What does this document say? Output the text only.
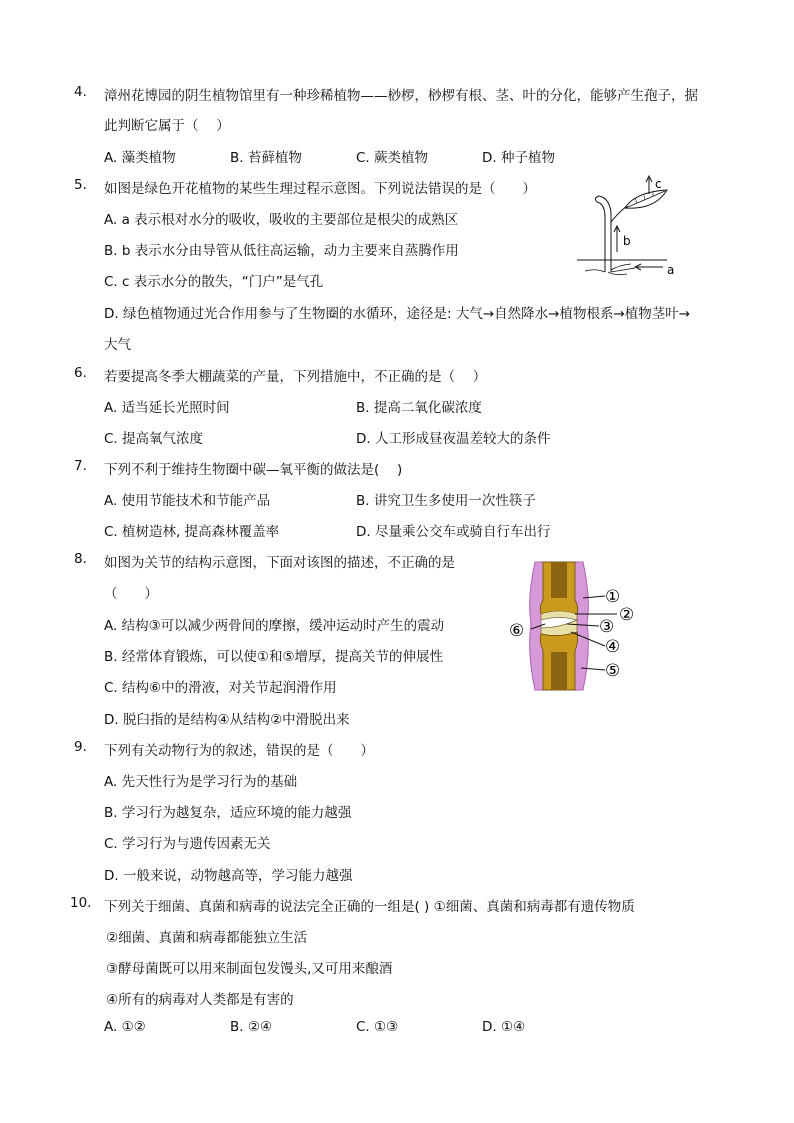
4.	漳州花博园的阴生植物馆里有一种珍稀植物——桫椤，桫椤有根、茎、叶的分化，能够产生孢子，据
此判断它属于（　 ）
A. 藻类植物	B. 苔藓植物	C. 蕨类植物	D. 种子植物
5.	如图是绿色开花植物的某些生理过程示意图。下列说法错误的是（　　）
A. a 表示根对水分的吸收，吸收的主要部位是根尖的成熟区
B. b 表示水分由导管从低往高运输，动力主要来自蒸腾作用
C. c 表示水分的散失，“门户”是气孔
D. 绿色植物通过光合作用参与了生物圈的水循环，途径是: 大气→自然降水→植物根系→植物茎叶→
大气
c
b
a
6.	若要提高冬季大棚蔬菜的产量，下列措施中，不正确的是（　 ）
A. 适当延长光照时间	B. 提高二氧化碳浓度
C. 提高氧气浓度	D. 人工形成昼夜温差较大的条件
7.	下列不利于维持生物圈中碳—氧平衡的做法是(　 )
A. 使用节能技术和节能产品	B. 讲究卫生多使用一次性筷子
C. 植树造林, 提高森林覆盖率	D. 尽量乘公交车或骑自行车出行
8.	如图为关节的结构示意图，下面对该图的描述，不正确的是
（　　）
A. 结构③可以减少两骨间的摩擦，缓冲运动时产生的震动
B. 经常体育锻炼，可以使①和⑤增厚，提高关节的伸展性
C. 结构⑥中的滑液，对关节起润滑作用
D. 脱臼指的是结构④从结构②中滑脱出来
①
②
③
④
⑤
⑥
9.	下列有关动物行为的叙述，错误的是（　　）
A. 先天性行为是学习行为的基础
B. 学习行为越复杂，适应环境的能力越强
C. 学习行为与遗传因素无关
D. 一般来说，动物越高等，学习能力越强
10. 下列关于细菌、真菌和病毒的说法完全正确的一组是( ) ①细菌、真菌和病毒都有遗传物质
②细菌、真菌和病毒都能独立生活
③酵母菌既可以用来制面包发馒头,又可用来酿酒
④所有的病毒对人类都是有害的
A. ①②	B. ②④	C. ①③	D. ①④
